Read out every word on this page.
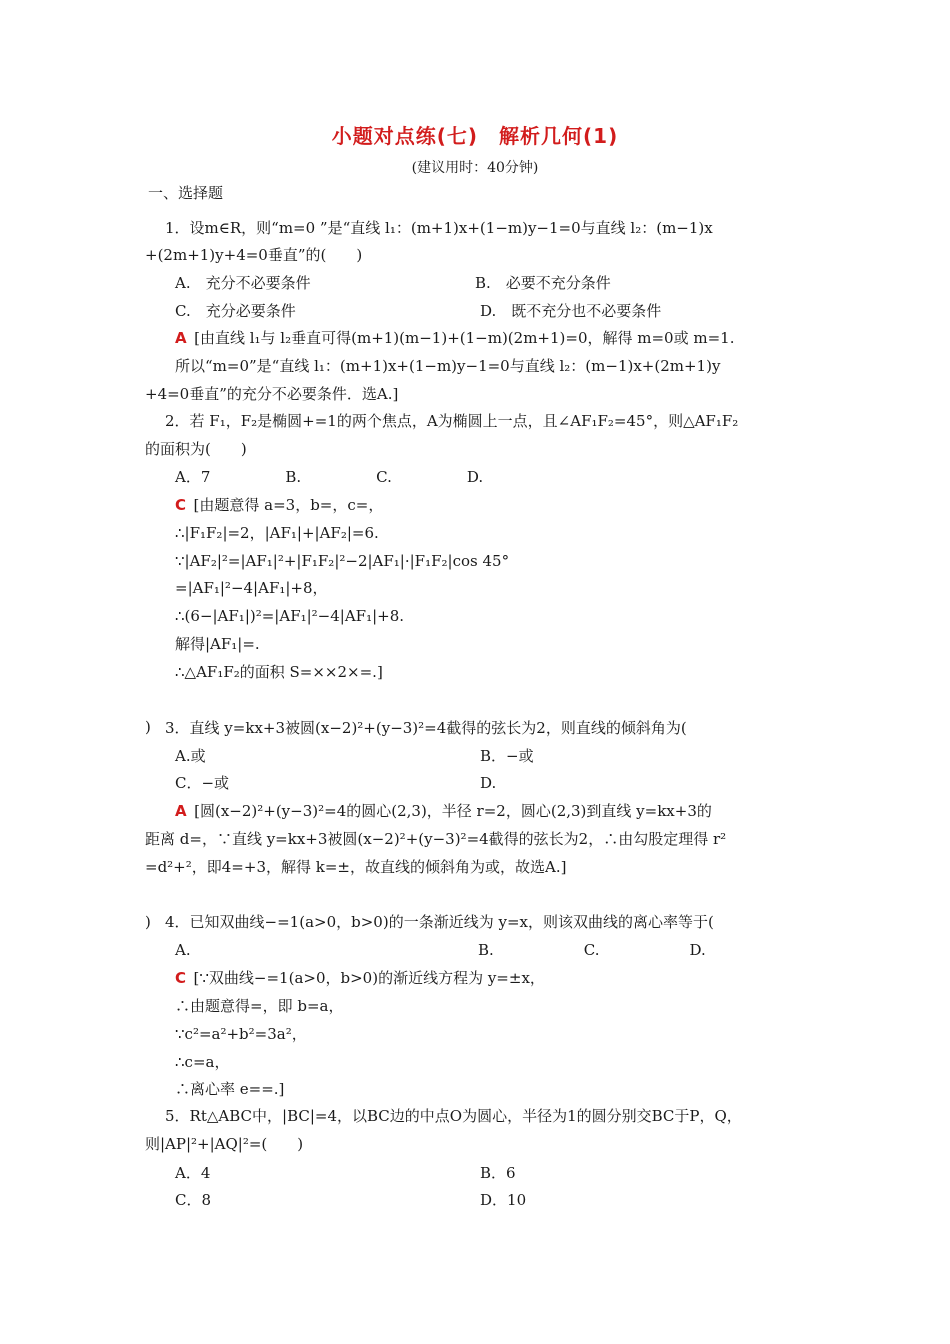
小题对点练(七)　解析几何(1)
(建议用时：40分钟)
一、选择题
1．设m∈R，则“m=0 ”是“直线 l₁：(m+1)x+(1−m)y−1=0与直线 l₂：(m−1)x
+(2m+1)y+4=0垂直”的(　　)
A.　充分不必要条件	B.　必要不充分条件
C.　充分必要条件	D.　既不充分也不必要条件
A  [由直线 l₁与 l₂垂直可得(m+1)(m−1)+(1−m)(2m+1)=0，解得 m=0或 m=1.
所以“m=0”是“直线 l₁：(m+1)x+(1−m)y−1=0与直线 l₂：(m−1)x+(2m+1)y
+4=0垂直”的充分不必要条件．选A.]
2．若 F₁，F₂是椭圆+=1的两个焦点，A为椭圆上一点，且∠AF₁F₂=45°，则△AF₁F₂
的面积为(　　)
A．7　　　　　B.　　　　　C.　　　　　D.
C  [由题意得 a=3，b=，c=，
∴|F₁F₂|=2，|AF₁|+|AF₂|=6.
∵|AF₂|²=|AF₁|²+|F₁F₂|²−2|AF₁|·|F₁F₂|cos 45°
=|AF₁|²−4|AF₁|+8，
∴(6−|AF₁|)²=|AF₁|²−4|AF₁|+8.
解得|AF₁|=.
∴△AF₁F₂的面积 S=××2×=.]
3．直线 y=kx+3被圆(x−2)²+(y−3)²=4截得的弦长为2，则直线的倾斜角为(
)
A.或	B．−或
C．−或	D.
A  [圆(x−2)²+(y−3)²=4的圆心(2,3)，半径 r=2，圆心(2,3)到直线 y=kx+3的
距离 d=，∵直线 y=kx+3被圆(x−2)²+(y−3)²=4截得的弦长为2，∴由勾股定理得 r²
=d²+²，即4=+3，解得 k=±，故直线的倾斜角为或，故选A.]
4．已知双曲线−=1(a>0，b>0)的一条渐近线为 y=x，则该双曲线的离心率等于(
)
A.	B.　　　　　　C.　　　　　　D.
C  [∵双曲线−=1(a>0，b>0)的渐近线方程为 y=±x，
∴由题意得=，即 b=a，
∵c²=a²+b²=3a²，
∴c=a，
∴离心率 e==.]
5．Rt△ABC中，|BC|=4，以BC边的中点O为圆心，半径为1的圆分别交BC于P，Q，
则|AP|²+|AQ|²=(　　)
A．4	B．6
C．8	D．10
